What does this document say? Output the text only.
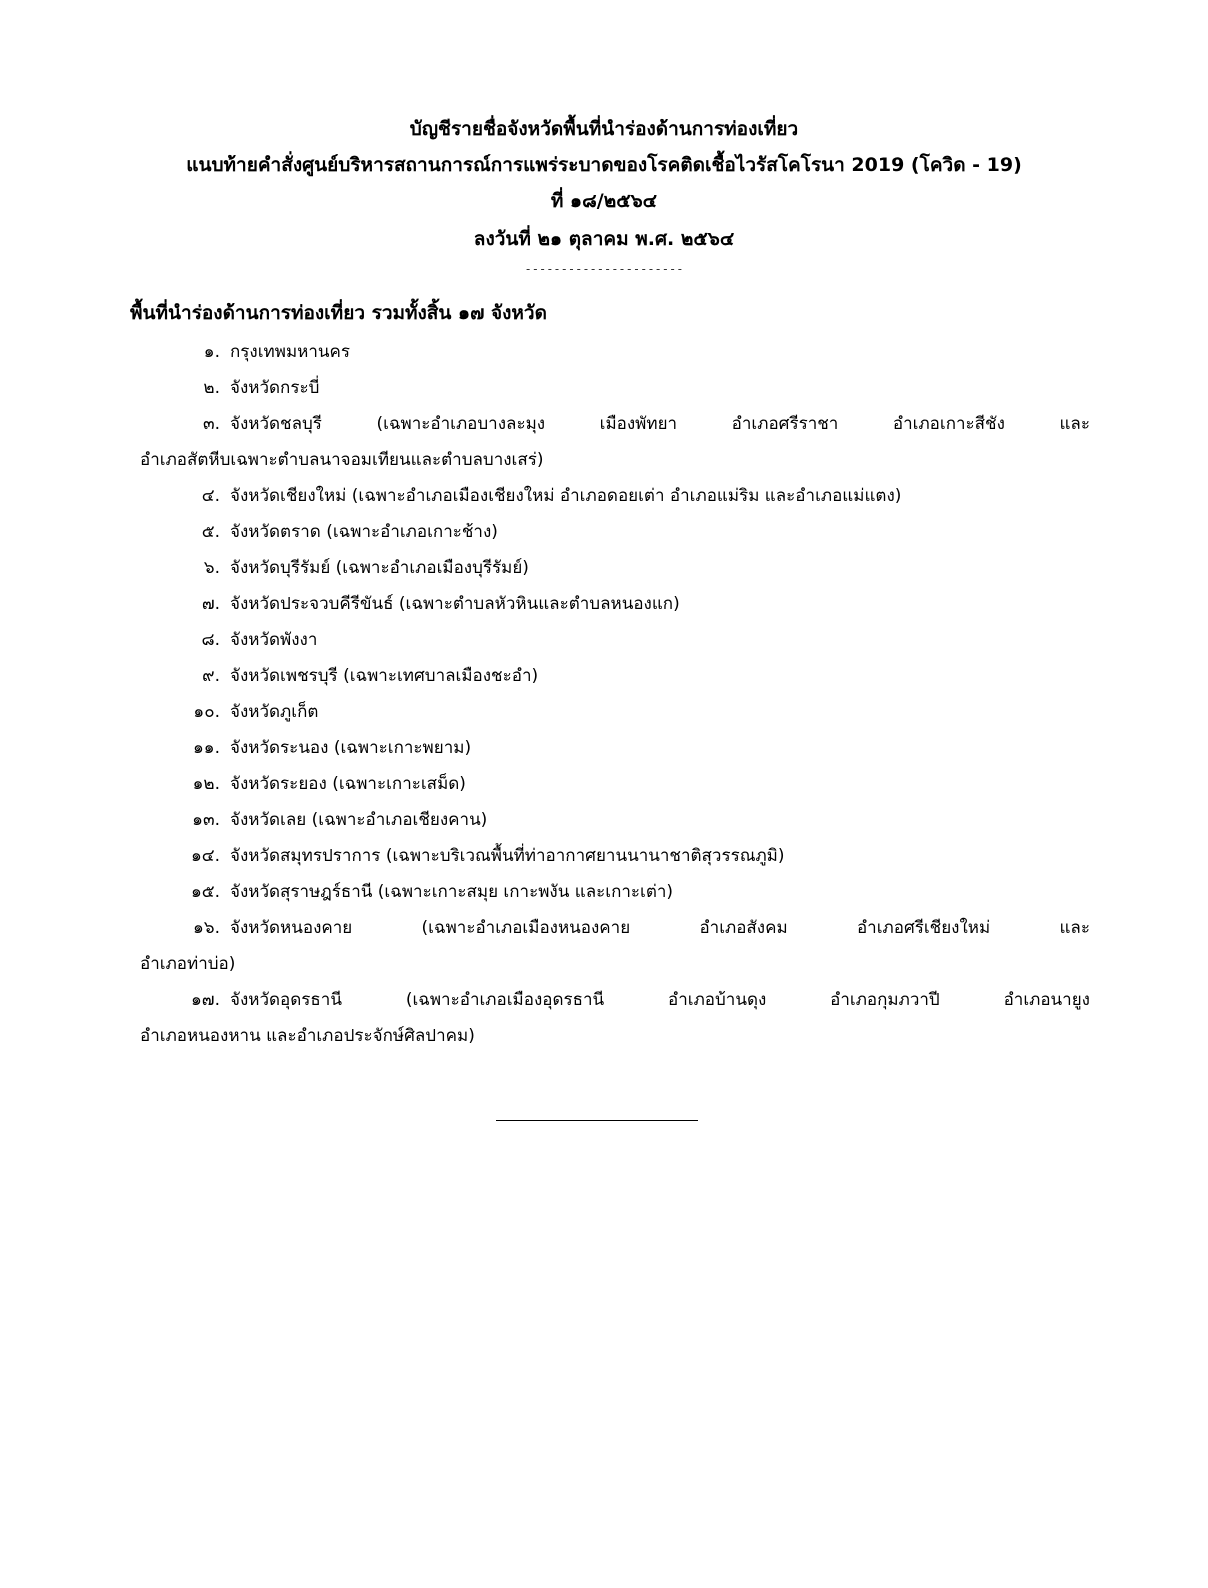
บัญชีรายชื่อจังหวัดพื้นที่นำร่องด้านการท่องเที่ยว
แนบท้ายคำสั่งศูนย์บริหารสถานการณ์การแพร่ระบาดของโรคติดเชื้อไวรัสโคโรนา 2019 (โควิด - 19)
ที่ ๑๘/๒๕๖๔
ลงวันที่ ๒๑ ตุลาคม พ.ศ. ๒๕๖๔
----------------------
พื้นที่นำร่องด้านการท่องเที่ยว รวมทั้งสิ้น ๑๗ จังหวัด
๑. กรุงเทพมหานคร
๒. จังหวัดกระบี่
๓. จังหวัดชลบุรี	(เฉพาะอำเภอบางละมุง	เมืองพัทยา	อำเภอศรีราชา	อำเภอเกาะสีชัง	และ
อำเภอสัตหีบเฉพาะตำบลนาจอมเทียนและตำบลบางเสร่)
๔. จังหวัดเชียงใหม่ (เฉพาะอำเภอเมืองเชียงใหม่ อำเภอดอยเต่า อำเภอแม่ริม และอำเภอแม่แตง)
๕. จังหวัดตราด (เฉพาะอำเภอเกาะช้าง)
๖. จังหวัดบุรีรัมย์ (เฉพาะอำเภอเมืองบุรีรัมย์)
๗. จังหวัดประจวบคีรีขันธ์ (เฉพาะตำบลหัวหินและตำบลหนองแก)
๘. จังหวัดพังงา
๙. จังหวัดเพชรบุรี (เฉพาะเทศบาลเมืองชะอำ)
๑๐. จังหวัดภูเก็ต
๑๑. จังหวัดระนอง (เฉพาะเกาะพยาม)
๑๒. จังหวัดระยอง (เฉพาะเกาะเสม็ด)
๑๓. จังหวัดเลย (เฉพาะอำเภอเชียงคาน)
๑๔. จังหวัดสมุทรปราการ (เฉพาะบริเวณพื้นที่ท่าอากาศยานนานาชาติสุวรรณภูมิ)
๑๕. จังหวัดสุราษฎร์ธานี (เฉพาะเกาะสมุย เกาะพงัน และเกาะเต่า)
๑๖. จังหวัดหนองคาย	(เฉพาะอำเภอเมืองหนองคาย	อำเภอสังคม	อำเภอศรีเชียงใหม่	และ
อำเภอท่าบ่อ)
๑๗. จังหวัดอุดรธานี	(เฉพาะอำเภอเมืองอุดรธานี	อำเภอบ้านดุง	อำเภอกุมภวาปี	อำเภอนายูง
อำเภอหนองหาน และอำเภอประจักษ์ศิลปาคม)
